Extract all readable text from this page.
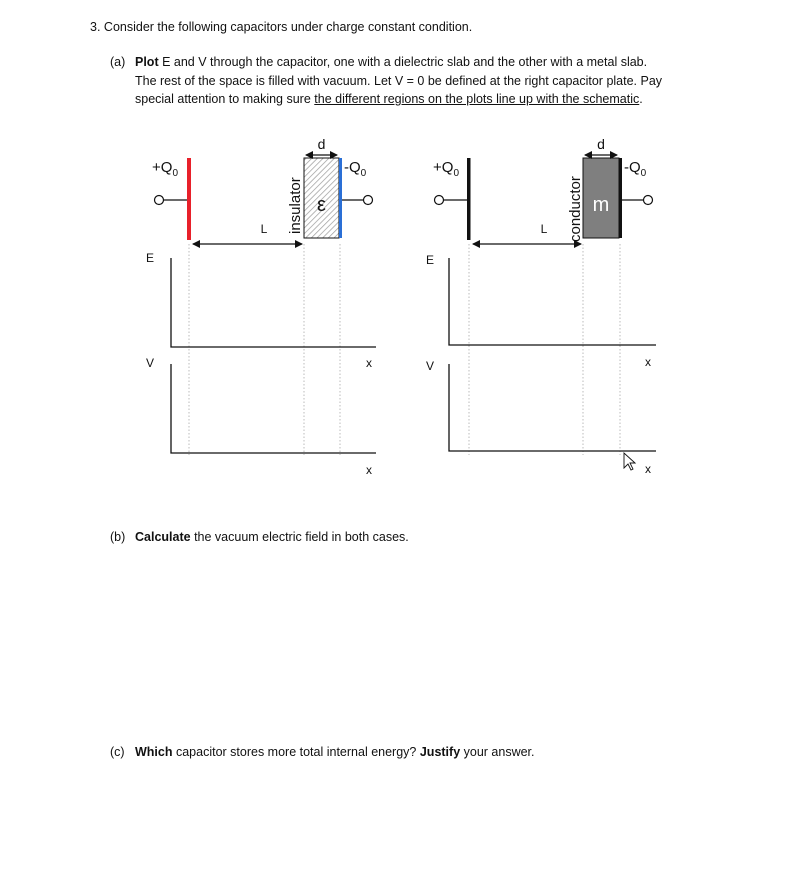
3. Consider the following capacitors under charge constant condition.
(a) Plot E and V through the capacitor, one with a dielectric slab and the other with a metal slab.
The rest of the space is filled with vacuum. Let V = 0 be defined at the right capacitor plate. Pay
special attention to making sure the different regions on the plots line up with the schematic.
$+Q_0$	$-Q_0$
ε
insulator
d
L
E
x
V
x
$+Q_0$	$-Q_0$
m
conductor
d
L
E
x
V
x
(b) Calculate the vacuum electric field in both cases.
(c) Which capacitor stores more total internal energy? Justify your answer.
